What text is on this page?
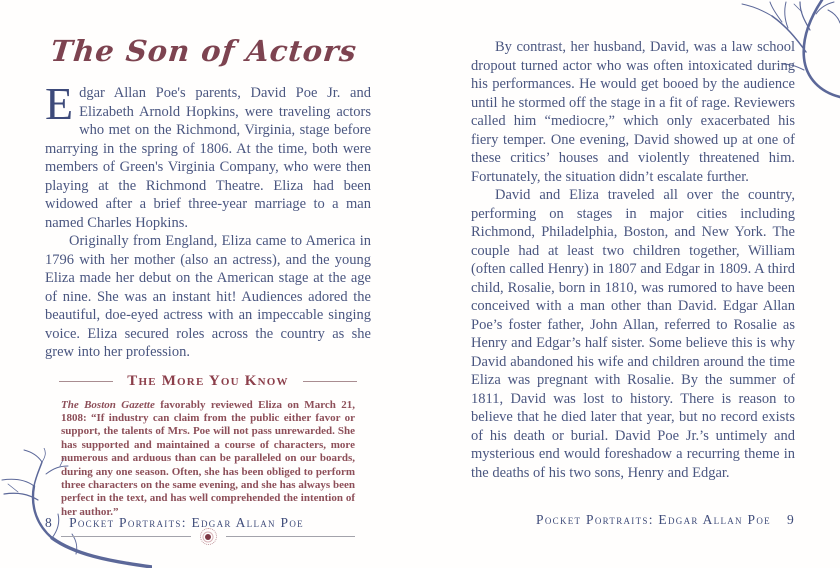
The Son of Actors

Edgar Allan Poe's parents, David Poe Jr. and Elizabeth Arnold Hopkins, were traveling actors who met on the Richmond, Virginia, stage before marrying in the spring of 1806. At the time, both were members of Green's Virginia Company, who were then playing at the Richmond Theatre. Eliza had been widowed after a brief three-year marriage to a man named Charles Hopkins.

Originally from England, Eliza came to America in 1796 with her mother (also an actress), and the young Eliza made her debut on the American stage at the age of nine. She was an instant hit! Audiences adored the beautiful, doe-eyed actress with an impeccable singing voice. Eliza secured roles across the country as she grew into her profession.

The More You Know

The Boston Gazette favorably reviewed Eliza on March 21, 1808: “If industry can claim from the public either favor or support, the talents of Mrs. Poe will not pass unrewarded. She has supported and maintained a course of characters, more numerous and arduous than can be paralleled on our boards, during any one season. Often, she has been obliged to perform three characters on the same evening, and she has always been perfect in the text, and has well comprehended the intention of her author.”

By contrast, her husband, David, was a law school dropout turned actor who was often intoxicated during his performances. He would get booed by the audience until he stormed off the stage in a fit of rage. Reviewers called him “mediocre,” which only exacerbated his fiery temper. One evening, David showed up at one of these critics’ houses and violently threatened him. Fortunately, the situation didn’t escalate further.

David and Eliza traveled all over the country, performing on stages in major cities including Richmond, Philadelphia, Boston, and New York. The couple had at least two children together, William (often called Henry) in 1807 and Edgar in 1809. A third child, Rosalie, born in 1810, was rumored to have been conceived with a man other than David. Edgar Allan Poe’s foster father, John Allan, referred to Rosalie as Henry and Edgar’s half sister. Some believe this is why David abandoned his wife and children around the time Eliza was pregnant with Rosalie. By the summer of 1811, David was lost to history. There is reason to believe that he died later that year, but no record exists of his death or burial. David Poe Jr.’s untimely and mysterious end would foreshadow a recurring theme in the deaths of his two sons, Henry and Edgar.

8 Pocket Portraits: Edgar Allan Poe	Pocket Portraits: Edgar Allan Poe 9
